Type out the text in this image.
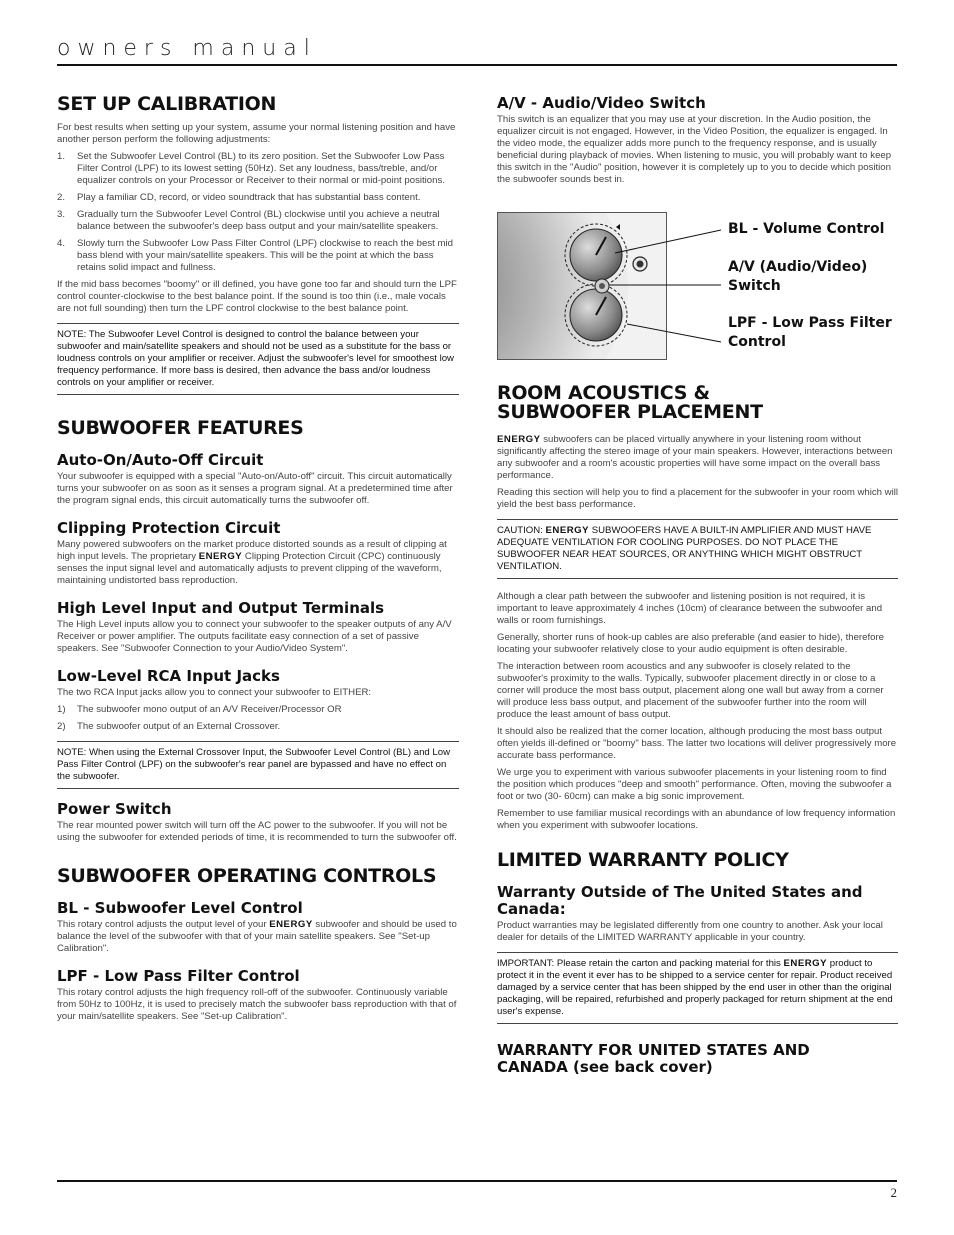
owners manual
SET UP CALIBRATION

For best results when setting up your system, assume your normal listening position and have another person perform the following adjustments:

1. Set the Subwoofer Level Control (BL) to its zero position. Set the Subwoofer Low Pass Filter Control (LPF) to its lowest setting (50Hz). Set any loudness, bass/treble, and/or equalizer controls on your Processor or Receiver to their normal or mid-point positions.
2. Play a familiar CD, record, or video soundtrack that has substantial bass content.
3. Gradually turn the Subwoofer Level Control (BL) clockwise until you achieve a neutral balance between the subwoofer's deep bass output and your main/satellite speakers.
4. Slowly turn the Subwoofer Low Pass Filter Control (LPF) clockwise to reach the best mid bass blend with your main/satellite speakers. This will be the point at which the bass retains solid impact and fullness.

If the mid bass becomes "boomy" or ill defined, you have gone too far and should turn the LPF control counter-clockwise to the best balance point. If the sound is too thin (i.e., male vocals are not full sounding) then turn the LPF control clockwise to the best balance point.

NOTE: The Subwoofer Level Control is designed to control the balance between your subwoofer and main/satellite speakers and should not be used as a substitute for the bass or loudness controls on your amplifier or receiver. Adjust the subwoofer's level for smoothest low frequency performance. If more bass is desired, then advance the bass and/or loudness controls on your amplifier or receiver.

SUBWOOFER FEATURES
Auto-On/Auto-Off Circuit

Your subwoofer is equipped with a special "Auto-on/Auto-off" circuit. This circuit automatically turns your subwoofer on as soon as it senses a program signal. At a predetermined time after the program signal ends, this circuit automatically turns the subwoofer off.

Clipping Protection Circuit

Many powered subwoofers on the market produce distorted sounds as a result of clipping at high input levels. The proprietary ENERGY Clipping Protection Circuit (CPC) continuously senses the input signal level and automatically adjusts to prevent clipping of the waveform, maintaining undistorted bass reproduction.

High Level Input and Output Terminals

The High Level inputs allow you to connect your subwoofer to the speaker outputs of any A/V Receiver or power amplifier. The outputs facilitate easy connection of a set of passive speakers. See "Subwoofer Connection to your Audio/Video System".

Low-Level RCA Input Jacks

The two RCA Input jacks allow you to connect your subwoofer to EITHER:

1) The subwoofer mono output of an A/V Receiver/Processor OR
2) The subwoofer output of an External Crossover.

NOTE: When using the External Crossover Input, the Subwoofer Level Control (BL) and Low Pass Filter Control (LPF) on the subwoofer's rear panel are bypassed and have no effect on the subwoofer.

Power Switch

The rear mounted power switch will turn off the AC power to the subwoofer. If you will not be using the subwoofer for extended periods of time, it is recommended to turn the subwoofer off.

SUBWOOFER OPERATING CONTROLS
BL - Subwoofer Level Control

This rotary control adjusts the output level of your ENERGY subwoofer and should be used to balance the level of the subwoofer with that of your main satellite speakers. See "Set-up Calibration".

LPF - Low Pass Filter Control

This rotary control adjusts the high frequency roll-off of the subwoofer. Continuously variable from 50Hz to 100Hz, it is used to precisely match the subwoofer bass reproduction with that of your main/satellite speakers. See "Set-up Calibration".

A/V - Audio/Video Switch

This switch is an equalizer that you may use at your discretion. In the Audio position, the equalizer circuit is not engaged. However, in the Video Position, the equalizer is engaged. In the video mode, the equalizer adds more punch to the frequency response, and is usually beneficial during playback of movies. When listening to music, you will probably want to keep this switch in the "Audio" position, however it is completely up to you to decide which position the subwoofer sounds best in.

BL - Volume Control
A/V (Audio/Video)
Switch
LPF - Low Pass Filter
Control
ROOM ACOUSTICS &
SUBWOOFER PLACEMENT

ENERGY subwoofers can be placed virtually anywhere in your listening room without significantly affecting the stereo image of your main speakers. However, interactions between any subwoofer and a room's acoustic properties will have some impact on the overall bass performance.

Reading this section will help you to find a placement for the subwoofer in your room which will yield the best bass performance.

CAUTION: ENERGY SUBWOOFERS HAVE A BUILT-IN AMPLIFIER AND MUST HAVE ADEQUATE VENTILATION FOR COOLING PURPOSES. DO NOT PLACE THE SUBWOOFER NEAR HEAT SOURCES, OR ANYTHING WHICH MIGHT OBSTRUCT VENTILATION.

Although a clear path between the subwoofer and listening position is not required, it is important to leave approximately 4 inches (10cm) of clearance between the subwoofer and walls or room furnishings.

Generally, shorter runs of hook-up cables are also preferable (and easier to hide), therefore locating your subwoofer relatively close to your audio equipment is often desirable.

The interaction between room acoustics and any subwoofer is closely related to the subwoofer's proximity to the walls. Typically, subwoofer placement directly in or close to a corner will produce the most bass output, placement along one wall but away from a corner will produce less bass output, and placement of the subwoofer further into the room will produce the least amount of bass output.

It should also be realized that the corner location, although producing the most bass output often yields ill-defined or "boomy" bass. The latter two locations will deliver progressively more accurate bass performance.

We urge you to experiment with various subwoofer placements in your listening room to find the position which produces "deep and smooth" performance. Often, moving the subwoofer a foot or two (30- 60cm) can make a big sonic improvement.

Remember to use familiar musical recordings with an abundance of low frequency information when you experiment with subwoofer locations.

LIMITED WARRANTY POLICY
Warranty Outside of The United States and Canada:

Product warranties may be legislated differently from one country to another. Ask your local dealer for details of the LIMITED WARRANTY applicable in your country.

IMPORTANT: Please retain the carton and packing material for this ENERGY product to protect it in the event it ever has to be shipped to a service center for repair. Product received damaged by a service center that has been shipped by the end user in other than the original packaging, will be repaired, refurbished and properly packaged for return shipment at the end user's expense.

WARRANTY FOR UNITED STATES AND
CANADA (see back cover)
2
